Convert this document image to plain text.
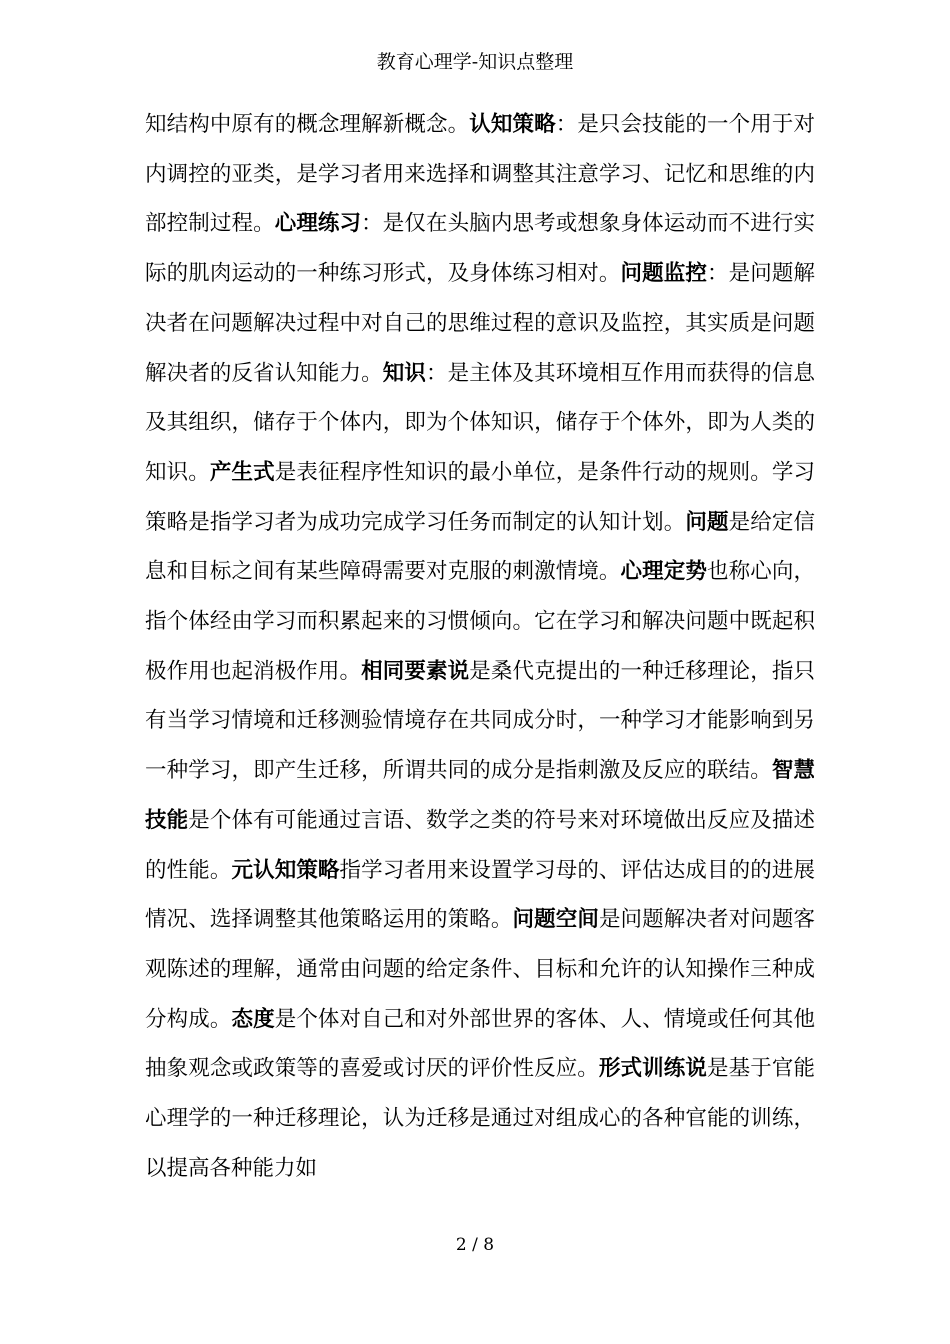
教育心理学-知识点整理

知结构中原有的概念理解新概念。认知策略：是只会技能的一个用于对内调控的亚类，是学习者用来选择和调整其注意学习、记忆和思维的内部控制过程。心理练习：是仅在头脑内思考或想象身体运动而不进行实际的肌肉运动的一种练习形式，及身体练习相对。问题监控：是问题解决者在问题解决过程中对自己的思维过程的意识及监控，其实质是问题解决者的反省认知能力。知识：是主体及其环境相互作用而获得的信息及其组织，储存于个体内，即为个体知识，储存于个体外，即为人类的知识。产生式是表征程序性知识的最小单位，是条件行动的规则。学习策略是指学习者为成功完成学习任务而制定的认知计划。问题是给定信息和目标之间有某些障碍需要对克服的刺激情境。心理定势也称心向，指个体经由学习而积累起来的习惯倾向。它在学习和解决问题中既起积极作用也起消极作用。相同要素说是桑代克提出的一种迁移理论，指只有当学习情境和迁移测验情境存在共同成分时，一种学习才能影响到另一种学习，即产生迁移，所谓共同的成分是指刺激及反应的联结。智慧技能是个体有可能通过言语、数学之类的符号来对环境做出反应及描述的性能。元认知策略指学习者用来设置学习母的、评估达成目的的进展情况、选择调整其他策略运用的策略。问题空间是问题解决者对问题客观陈述的理解，通常由问题的给定条件、目标和允许的认知操作三种成分构成。态度是个体对自己和对外部世界的客体、人、情境或任何其他抽象观念或政策等的喜爱或讨厌的评价性反应。形式训练说是基于官能心理学的一种迁移理论，认为迁移是通过对组成心的各种官能的训练，以提高各种能力如

2 / 8
